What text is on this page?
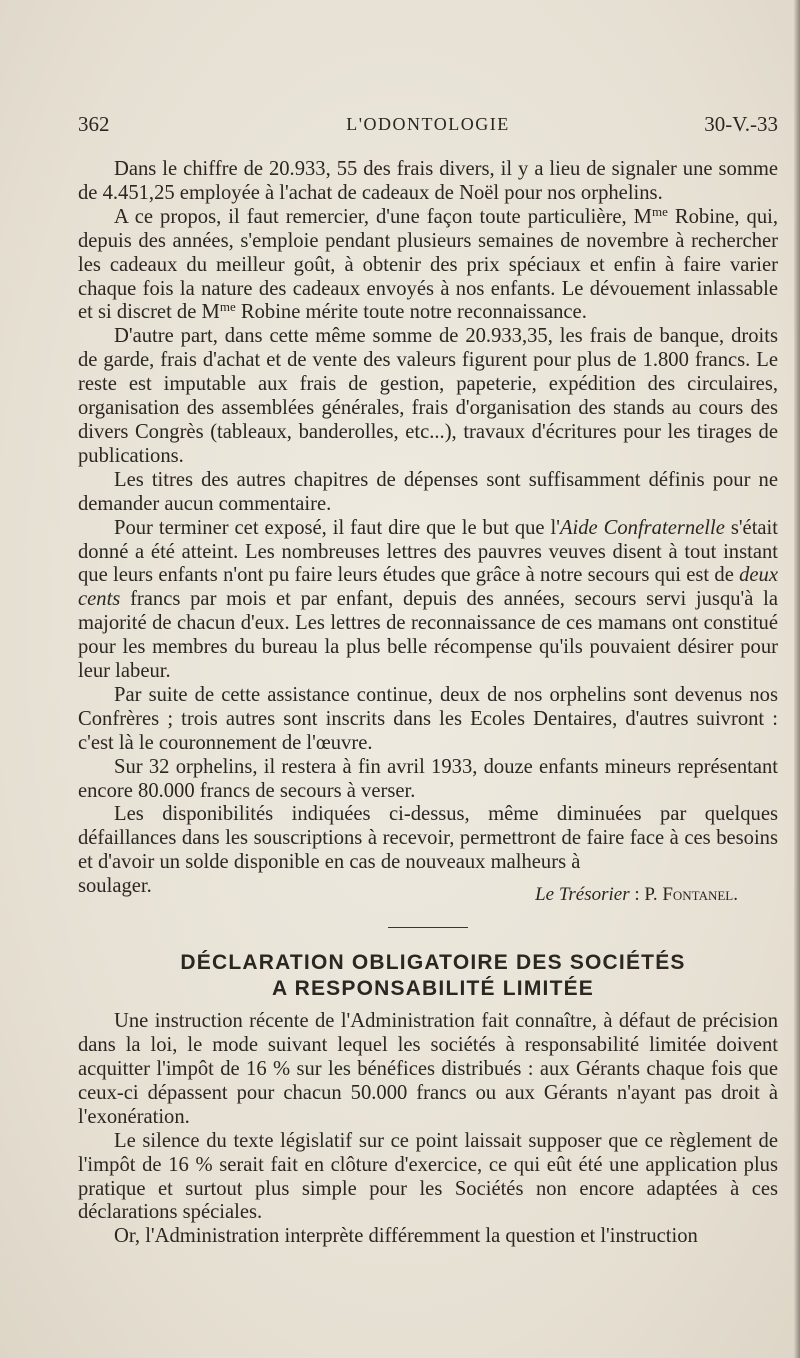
362	L'ODONTOLOGIE	30-V.-33

Dans le chiffre de 20.933, 55 des frais divers, il y a lieu de signaler une somme de 4.451,25 employée à l'achat de cadeaux de Noël pour nos orphelins.

A ce propos, il faut remercier, d'une façon toute particulière, $M^{me}$ Robine, qui, depuis des années, s'emploie pendant plusieurs semaines de novembre à rechercher les cadeaux du meilleur goût, à obtenir des prix spéciaux et enfin à faire varier chaque fois la nature des cadeaux envoyés à nos enfants. Le dévouement inlassable et si discret de $M^{me}$ Robine mérite toute notre reconnaissance.

D'autre part, dans cette même somme de 20.933,35, les frais de banque, droits de garde, frais d'achat et de vente des valeurs figurent pour plus de 1.800 francs. Le reste est imputable aux frais de gestion, papeterie, expédition des circulaires, organisation des assemblées générales, frais d'organisation des stands au cours des divers Congrès (tableaux, banderolles, etc...), travaux d'écritures pour les tirages de publications.

Les titres des autres chapitres de dépenses sont suffisamment définis pour ne demander aucun commentaire.

Pour terminer cet exposé, il faut dire que le but que l'Aide Confraternelle s'était donné a été atteint. Les nombreuses lettres des pauvres veuves disent à tout instant que leurs enfants n'ont pu faire leurs études que grâce à notre secours qui est de deux cents francs par mois et par enfant, depuis des années, secours servi jusqu'à la majorité de chacun d'eux. Les lettres de reconnaissance de ces mamans ont constitué pour les membres du bureau la plus belle récompense qu'ils pouvaient désirer pour leur labeur.

Par suite de cette assistance continue, deux de nos orphelins sont devenus nos Confrères ; trois autres sont inscrits dans les Ecoles Dentaires, d'autres suivront : c'est là le couronnement de l'œuvre.

Sur 32 orphelins, il restera à fin avril 1933, douze enfants mineurs représentant encore 80.000 francs de secours à verser.

Les disponibilités indiquées ci-dessus, même diminuées par quelques défaillances dans les souscriptions à recevoir, permettront de faire face à ces besoins et d'avoir un solde disponible en cas de nouveaux malheurs à

soulager.	Le Trésorier : P. Fontanel.
DÉCLARATION OBLIGATOIRE DES SOCIÉTÉS
A RESPONSABILITÉ LIMITÉE

Une instruction récente de l'Administration fait connaître, à défaut de précision dans la loi, le mode suivant lequel les sociétés à responsabilité limitée doivent acquitter l'impôt de 16 % sur les bénéfices distribués : aux Gérants chaque fois que ceux-ci dépassent pour chacun 50.000 francs ou aux Gérants n'ayant pas droit à l'exonération.

Le silence du texte législatif sur ce point laissait supposer que ce règlement de l'impôt de 16 % serait fait en clôture d'exercice, ce qui eût été une application plus pratique et surtout plus simple pour les Sociétés non encore adaptées à ces déclarations spéciales.

Or, l'Administration interprète différemment la question et l'instruction
